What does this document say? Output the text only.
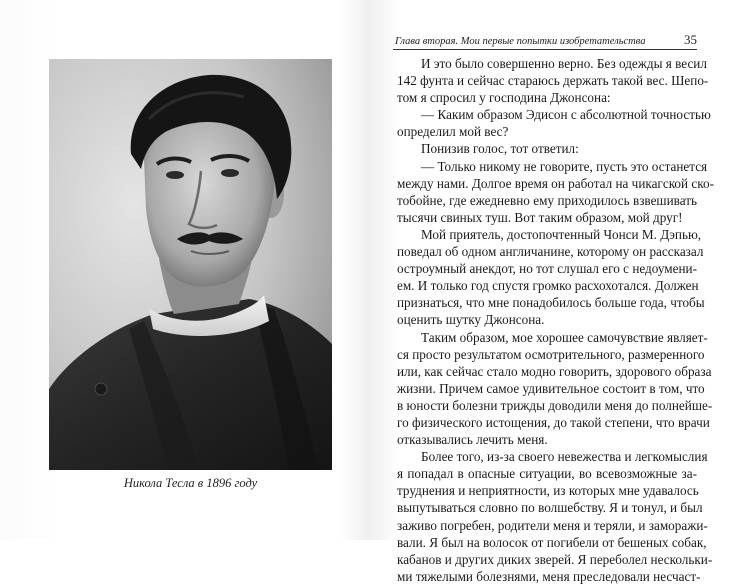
Никола Тесла в 1896 году
Глава вторая. Мои первые попытки изобретательства	35
И это было совершенно верно. Без одежды я весил
142 фунта и сейчас стараюсь держать такой вес. Шепо-
том я спросил у господина Джонсона:
— Каким образом Эдисон с абсолютной точностью
определил мой вес?
Понизив голос, тот ответил:
— Только никому не говорите, пусть это останется
между нами. Долгое время он работал на чикагской ско-
тобойне, где ежедневно ему приходилось взвешивать
тысячи свиных туш. Вот таким образом, мой друг!
Мой приятель, достопочтенный Чонси М. Дэпью,
поведал об одном англичанине, которому он рассказал
остроумный анекдот, но тот слушал его с недоумени-
ем. И только год спустя громко расхохотался. Должен
признаться, что мне понадобилось больше года, чтобы
оценить шутку Джонсона.
Таким образом, мое хорошее самочувствие являет-
ся просто результатом осмотрительного, размеренного
или, как сейчас стало модно говорить, здорового образа
жизни. Причем самое удивительное состоит в том, что
в юности болезни трижды доводили меня до полнейше-
го физического истощения, до такой степени, что врачи
отказывались лечить меня.
Более того, из-за своего невежества и легкомыслия
я попадал в опасные ситуации, во всевозможные за-
труднения и неприятности, из которых мне удавалось
выпутываться словно по волшебству. Я и тонул, и был
заживо погребен, родители меня и теряли, и заморажи-
вали. Я был на волосок от погибели от бешеных собак,
кабанов и других диких зверей. Я переболел нескольки-
ми тяжелыми болезнями, меня преследовали несчаст-
